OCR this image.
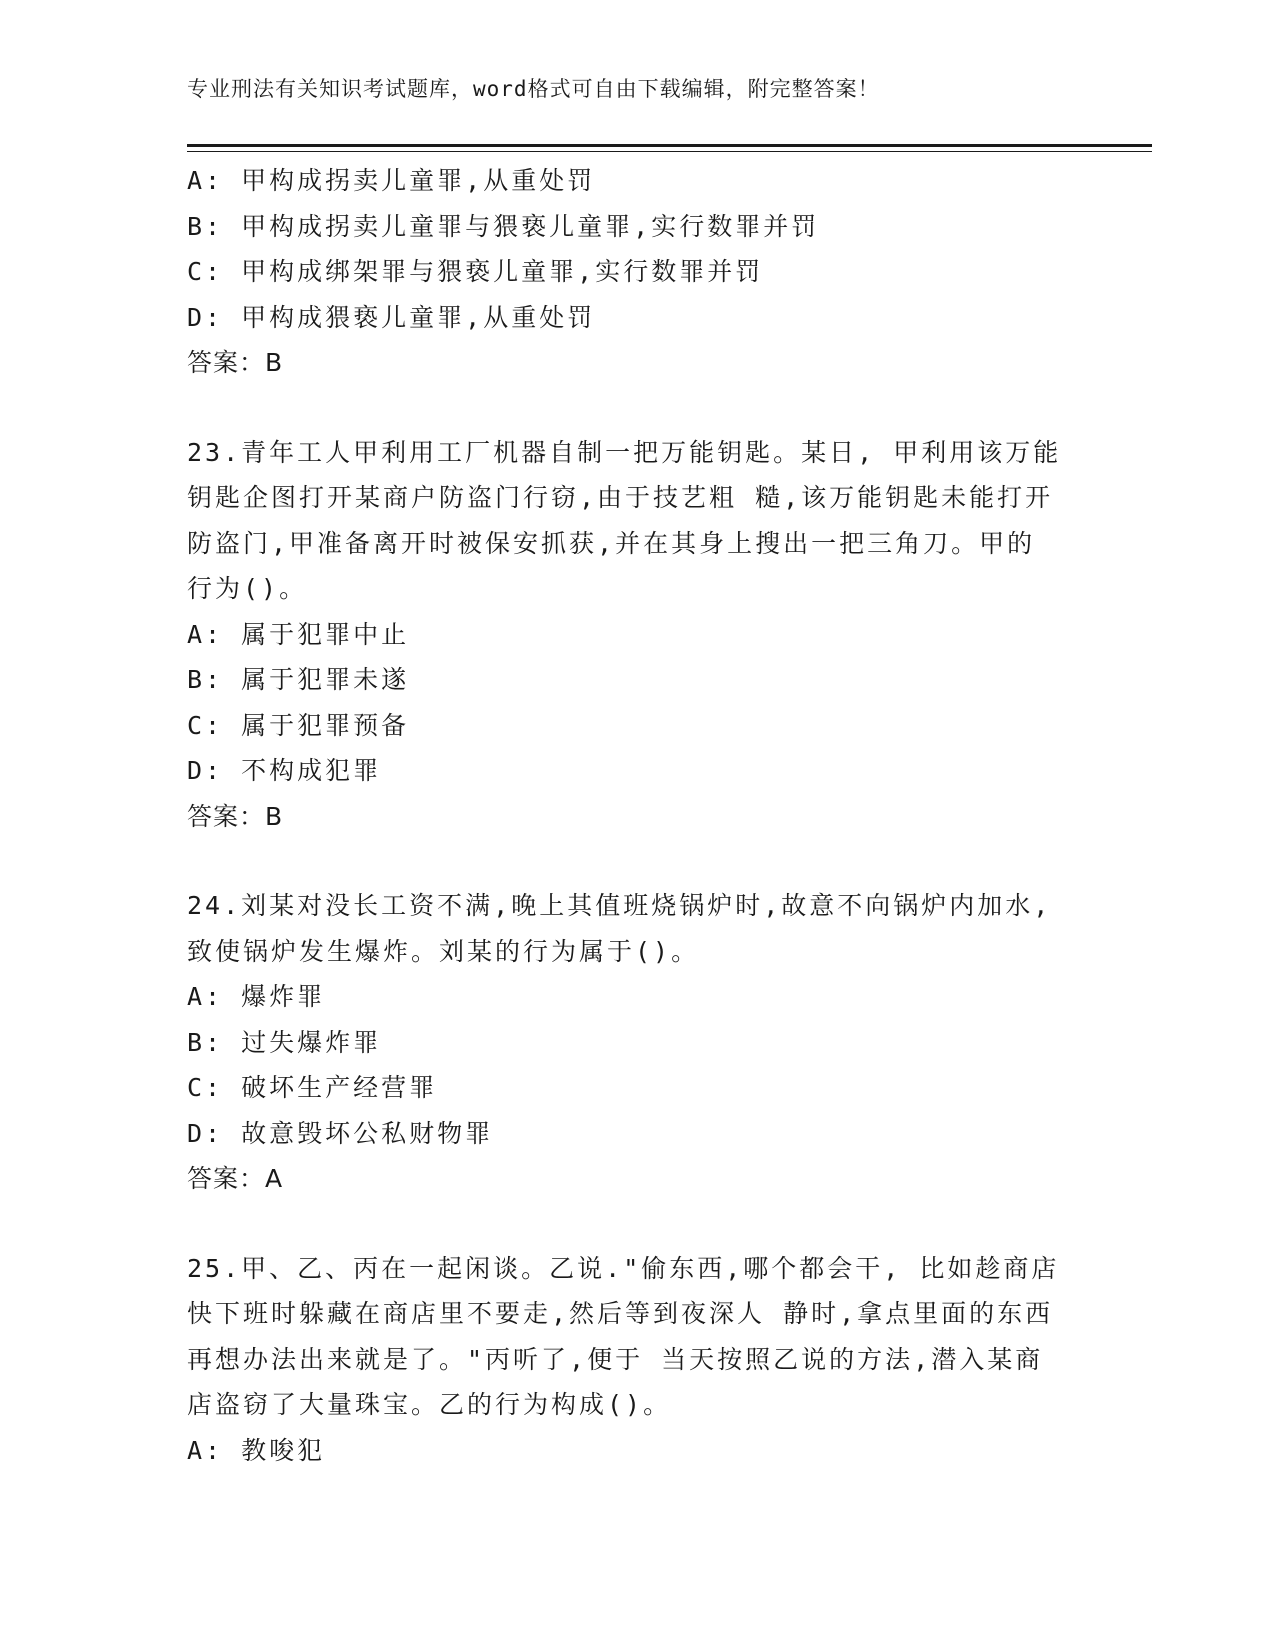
专业刑法有关知识考试题库，word格式可自由下载编辑，附完整答案！
A: 甲构成拐卖儿童罪,从重处罚
B: 甲构成拐卖儿童罪与猥亵儿童罪,实行数罪并罚
C: 甲构成绑架罪与猥亵儿童罪,实行数罪并罚
D: 甲构成猥亵儿童罪,从重处罚
答案：B
23.青年工人甲利用工厂机器自制一把万能钥匙。某日, 甲利用该万能
钥匙企图打开某商户防盗门行窃,由于技艺粗 糙,该万能钥匙未能打开
防盗门,甲准备离开时被保安抓获,并在其身上搜出一把三角刀。甲的
行为()。
A: 属于犯罪中止
B: 属于犯罪未遂
C: 属于犯罪预备
D: 不构成犯罪
答案：B
24.刘某对没长工资不满,晚上其值班烧锅炉时,故意不向锅炉内加水,
致使锅炉发生爆炸。刘某的行为属于()。
A: 爆炸罪
B: 过失爆炸罪
C: 破坏生产经营罪
D: 故意毁坏公私财物罪
答案：A
25.甲、乙、丙在一起闲谈。乙说."偷东西,哪个都会干, 比如趁商店
快下班时躲藏在商店里不要走,然后等到夜深人 静时,拿点里面的东西
再想办法出来就是了。"丙听了,便于 当天按照乙说的方法,潜入某商
店盗窃了大量珠宝。乙的行为构成()。
A: 教唆犯
